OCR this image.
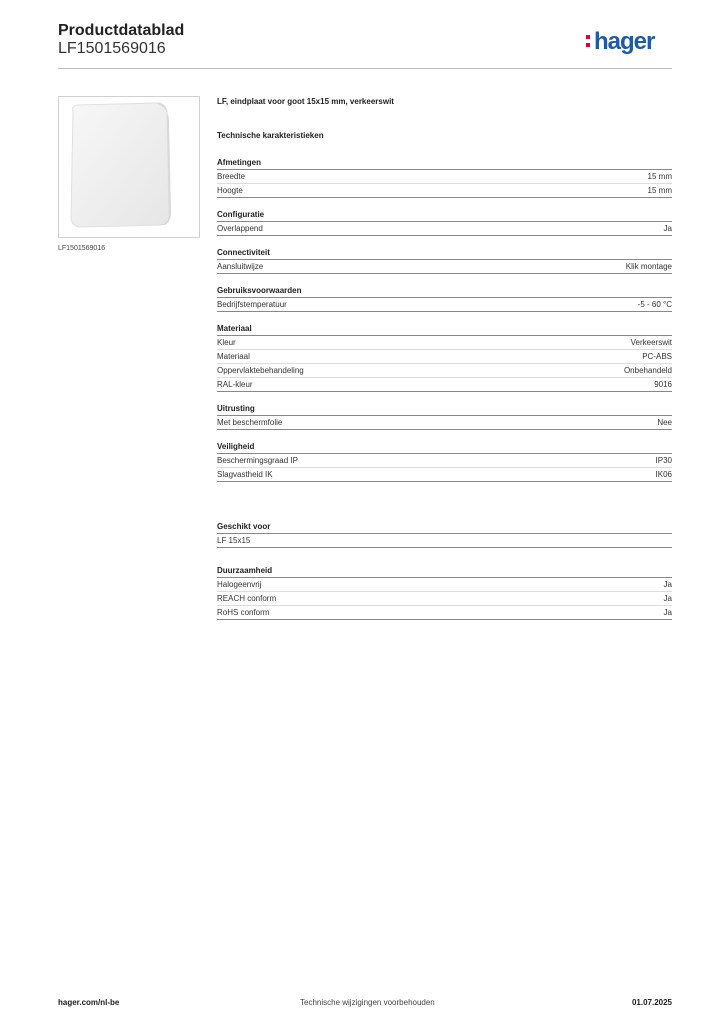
Productdatablad
LF1501569016	hager
LF1501569016
LF, eindplaat voor goot 15x15 mm, verkeerswit
Technische karakteristieken
Afmetingen
Breedte	15 mm
Hoogte	15 mm
Configuratie
Overlappend	Ja
Connectiviteit
Aansluitwijze	Klik montage
Gebruiksvoorwaarden
Bedrijfstemperatuur	-5 - 60 °C
Materiaal
Kleur	Verkeerswit
Materiaal	PC-ABS
Oppervlaktebehandeling	Onbehandeld
RAL-kleur	9016
Uitrusting
Met beschermfolie	Nee
Veiligheid
Beschermingsgraad IP	IP30
Slagvastheid IK	IK06
Geschikt voor
LF 15x15
Duurzaamheid
Halogeenvrij	Ja
REACH conform	Ja
RoHS conform	Ja
hager.com/nl-be	Technische wijzigingen voorbehouden	01.07.2025
